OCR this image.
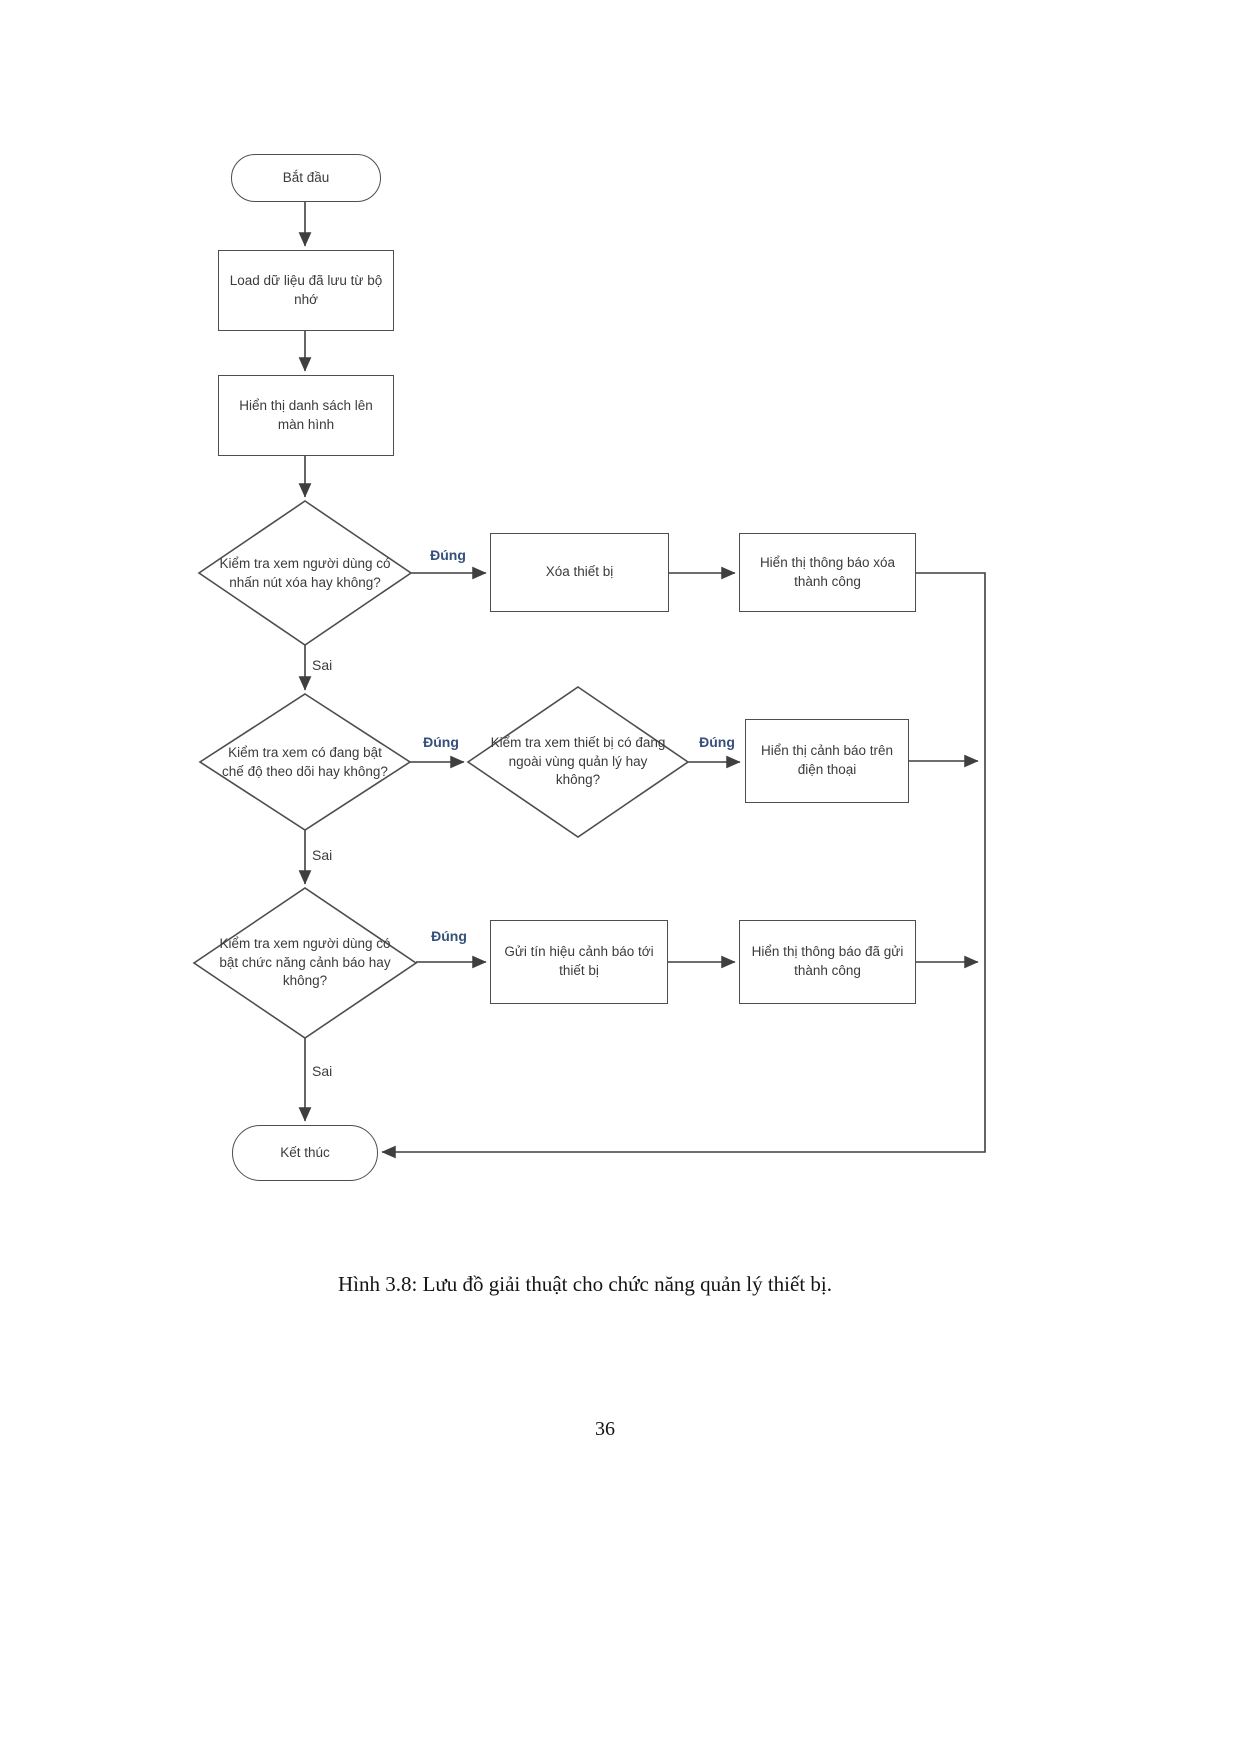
Bắt đầu
Load dữ liệu đã lưu từ bộ nhớ
Hiển thị danh sách lên màn hình
Xóa thiết bị
Hiển thị thông báo xóa thành công
Hiển thị cảnh báo trên điện thoại
Gửi tín hiệu cảnh báo tới thiết bị
Hiển thị thông báo đã gửi thành công
Kết thúc
Kiểm tra xem người dùng có nhấn nút xóa hay không?
Kiểm tra xem có đang bật chế độ theo dõi hay không?
Kiểm tra xem thiết bị có đang ngoài vùng quản lý hay không?
Kiểm tra xem người dùng có bật chức năng cảnh báo hay không?
Đúng
Sai
Đúng	Đúng
Sai
Đúng
Sai
Hình 3.8: Lưu đồ giải thuật cho chức năng quản lý thiết bị.
36
